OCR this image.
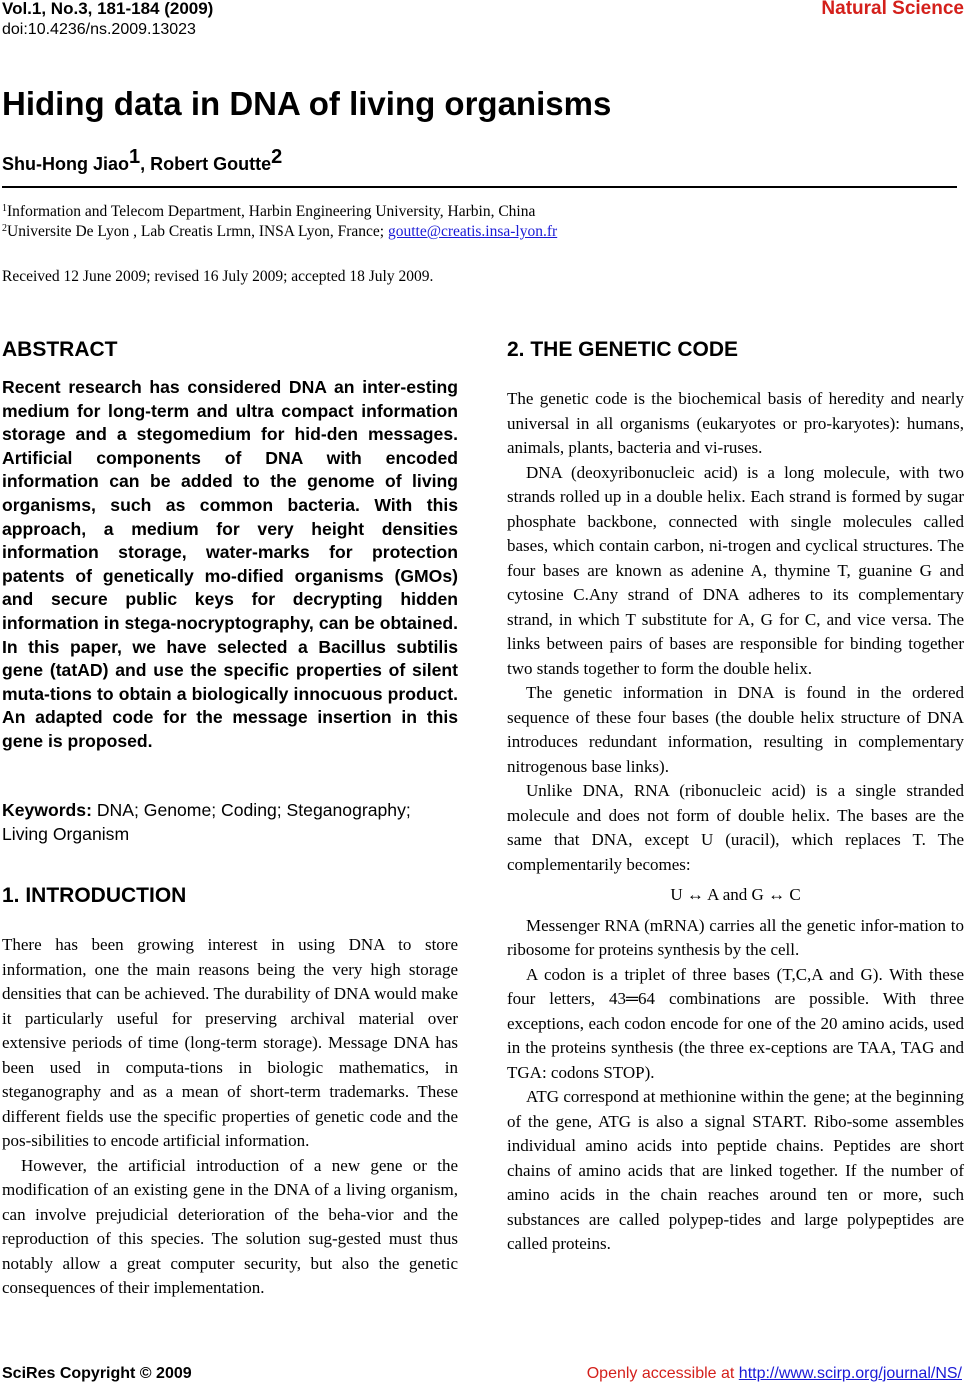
Vol.1, No.3, 181-184 (2009)
doi:10.4236/ns.2009.13023
Natural Science
Hiding data in DNA of living organisms
Shu-Hong Jiao$^1$, Robert Goutte$^2$
$^1$Information and Telecom Department, Harbin Engineering University, Harbin, China
$^2$Universite De Lyon , Lab Creatis Lrmn, INSA Lyon, France; goutte@creatis.insa-lyon.fr
Received 12 June 2009; revised 16 July 2009; accepted 18 July 2009.
ABSTRACT
Recent research has considered DNA an inter-esting medium for long-term and ultra compact information storage and a stegomedium for hid-den messages. Artificial components of DNA with encoded information can be added to the genome of living organisms, such as common bacteria. With this approach, a medium for very height densities information storage, water-marks for protection patents of genetically mo-dified organisms (GMOs) and secure public keys for decrypting hidden information in stega-nocryptography, can be obtained. In this paper, we have selected a Bacillus subtilis gene (tatAD) and use the specific properties of silent muta-tions to obtain a biologically innocuous product. An adapted code for the message insertion in this gene is proposed.
Keywords: DNA; Genome; Coding; Steganography; Living Organism
1. INTRODUCTION

There has been growing interest in using DNA to store information, one the main reasons being the very high storage densities that can be achieved. The durability of DNA would make it particularly useful for preserving archival material over extensive periods of time (long-term storage). Message DNA has been used in computa-tions in biologic mathematics, in steganography and as a mean of short-term trademarks. These different fields use the specific properties of genetic code and the pos-sibilities to encode artificial information.

However, the artificial introduction of a new gene or the modification of an existing gene in the DNA of a living organism, can involve prejudicial deterioration of the beha-vior and the reproduction of this species. The solution sug-gested must thus notably allow a great computer security, but also the genetic consequences of their implementation.

2. THE GENETIC CODE

The genetic code is the biochemical basis of heredity and nearly universal in all organisms (eukaryotes or pro-karyotes): humans, animals, plants, bacteria and vi-ruses.

DNA (deoxyribonucleic acid) is a long molecule, with two strands rolled up in a double helix. Each strand is formed by sugar phosphate backbone, connected with single molecules called bases, which contain carbon, ni-trogen and cyclical structures. The four bases are known as adenine A, thymine T, guanine G and cytosine C.Any strand of DNA adheres to its complementary strand, in which T substitute for A, G for C, and vice versa. The links between pairs of bases are responsible for binding together two stands together to form the double helix.

The genetic information in DNA is found in the ordered sequence of these four bases (the double helix structure of DNA introduces redundant information, resulting in complementary nitrogenous base links).

Unlike DNA, RNA (ribonucleic acid) is a single stranded molecule and does not form of double helix. The bases are the same that DNA, except U (uracil), which replaces T. The complementarily becomes:

U ↔ A and G ↔ C

Messenger RNA (mRNA) carries all the genetic infor-mation to ribosome for proteins synthesis by the cell.

A codon is a triplet of three bases (T,C,A and G). With these four letters, 43═64 combinations are possible. With three exceptions, each codon encode for one of the 20 amino acids, used in the proteins synthesis (the three ex-ceptions are TAA, TAG and TGA: codons STOP).

ATG correspond at methionine within the gene; at the beginning of the gene, ATG is also a signal START. Ribo-some assembles individual amino acids into peptide chains. Peptides are short chains of amino acids that are linked together. If the number of amino acids in the chain reaches around ten or more, such substances are called polypep-tides and large polypeptides are called proteins.

SciRes Copyright © 2009	Openly accessible at http://www.scirp.org/journal/NS/
